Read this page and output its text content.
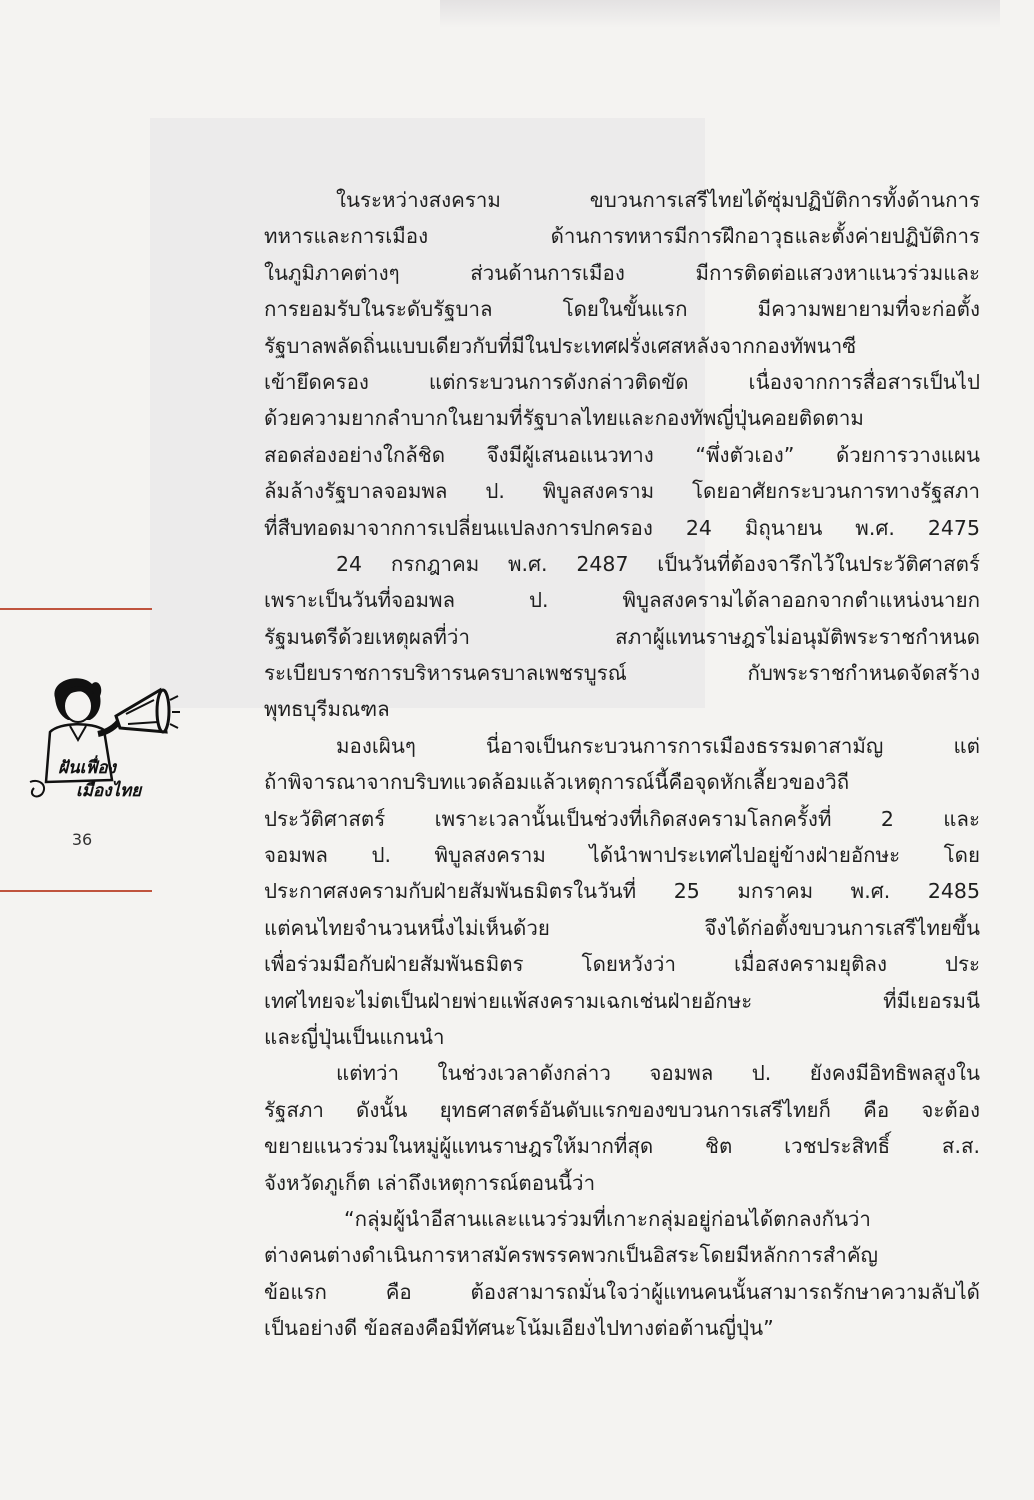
ฝันเฟื่อง
เมืองไทย
36
ในระหว่างสงคราม ขบวนการเสรีไทยได้ซุ่มปฏิบัติการทั้งด้านการ
ทหารและการเมือง ด้านการทหารมีการฝึกอาวุธและตั้งค่ายปฏิบัติการ
ในภูมิภาคต่างๆ ส่วนด้านการเมือง มีการติดต่อแสวงหาแนวร่วมและ
การยอมรับในระดับรัฐบาล โดยในขั้นแรก มีความพยายามที่จะก่อตั้ง
รัฐบาลพลัดถิ่นแบบเดียวกับที่มีในประเทศฝรั่งเศสหลังจากกองทัพนาซี
เข้ายึดครอง แต่กระบวนการดังกล่าวติดขัด เนื่องจากการสื่อสารเป็นไป
ด้วยความยากลำบากในยามที่รัฐบาลไทยและกองทัพญี่ปุ่นคอยติดตาม
สอดส่องอย่างใกล้ชิด จึงมีผู้เสนอแนวทาง “พึ่งตัวเอง” ด้วยการวางแผน
ล้มล้างรัฐบาลจอมพล ป. พิบูลสงคราม โดยอาศัยกระบวนการทางรัฐสภา
ที่สืบทอดมาจากการเปลี่ยนแปลงการปกครอง 24 มิถุนายน พ.ศ. 2475
24 กรกฎาคม พ.ศ. 2487 เป็นวันที่ต้องจารึกไว้ในประวัติศาสตร์
เพราะเป็นวันที่จอมพล ป. พิบูลสงครามได้ลาออกจากตำแหน่งนายก
รัฐมนตรีด้วยเหตุผลที่ว่า สภาผู้แทนราษฎรไม่อนุมัติพระราชกำหนด
ระเบียบราชการบริหารนครบาลเพชรบูรณ์ กับพระราชกำหนดจัดสร้าง
พุทธบุรีมณฑล
มองเผินๆ นี่อาจเป็นกระบวนการการเมืองธรรมดาสามัญ แต่
ถ้าพิจารณาจากบริบทแวดล้อมแล้วเหตุการณ์นี้คือจุดหักเลี้ยวของวิถี
ประวัติศาสตร์ เพราะเวลานั้นเป็นช่วงที่เกิดสงครามโลกครั้งที่ 2 และ
จอมพล ป. พิบูลสงคราม ได้นำพาประเทศไปอยู่ข้างฝ่ายอักษะ โดย
ประกาศสงครามกับฝ่ายสัมพันธมิตรในวันที่ 25 มกราคม พ.ศ. 2485
แต่คนไทยจำนวนหนึ่งไม่เห็นด้วย จึงได้ก่อตั้งขบวนการเสรีไทยขึ้น
เพื่อร่วมมือกับฝ่ายสัมพันธมิตร โดยหวังว่า เมื่อสงครามยุติลง ประ
เทศไทยจะไม่ตเป็นฝ่ายพ่ายแพ้สงครามเฉกเช่นฝ่ายอักษะ ที่มีเยอรมนี
และญี่ปุ่นเป็นแกนนำ
แต่ทว่า ในช่วงเวลาดังกล่าว จอมพล ป. ยังคงมีอิทธิพลสูงใน
รัฐสภา ดังนั้น ยุทธศาสตร์อันดับแรกของขบวนการเสรีไทยก็ คือ จะต้อง
ขยายแนวร่วมในหมู่ผู้แทนราษฎรให้มากที่สุด ชิต เวชประสิทธิ์ ส.ส.
จังหวัดภูเก็ต เล่าถึงเหตุการณ์ตอนนี้ว่า
“กลุ่มผู้นำอีสานและแนวร่วมที่เกาะกลุ่มอยู่ก่อนได้ตกลงกันว่า
ต่างคนต่างดำเนินการหาสมัครพรรคพวกเป็นอิสระโดยมีหลักการสำคัญ
ข้อแรก คือ ต้องสามารถมั่นใจว่าผู้แทนคนนั้นสามารถรักษาความลับได้
เป็นอย่างดี ข้อสองคือมีทัศนะโน้มเอียงไปทางต่อต้านญี่ปุ่น”
